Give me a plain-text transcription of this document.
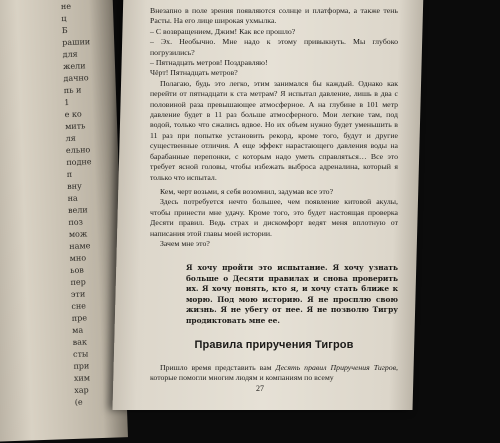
не
ц
Б
рашии
для
жели
дачно
пь и
1
е ко
мить
ля
ельно
подне
п
вну
на
вели
поз
мож
наме
мно
ьов
пер
эти
сне
пре
ма
вак
сты
при
хим
хар
(е

Внезапно в поле зрения появляются солнце и платформа, а также тень Расты. На его лице широкая ухмылка.

– С возвращением, Джим! Как все прошло?

– Эх. Необычно. Мне надо к этому привыкнуть. Мы глубоко погрузились?

– Пятнадцать метров! Поздравляю!

Чёрт! Пятнадцать метров?

Полагаю, будь это легко, этим занимался бы каждый. Однако как перейти от пятнадцати к ста метрам? Я испытал давление, лишь в два с половиной раза превышающее атмосферное. А на глубине в 101 метр давление будет в 11 раз больше атмосферного. Мои легкие там, под водой, только что сжались вдвое. Но их объем нужно будет уменьшить в 11 раз при попытке установить рекорд, кроме того, будут и другие существенные отличия. А еще эффект нарастающего давления воды на барабанные перепонки, с которым надо уметь справляться… Все это требует ясной головы, чтобы избежать выброса адреналина, который я только что испытал.

Кем, черт возьми, я себя возомнил, задумав все это?

Здесь потребуется нечто большее, чем появление китовой акулы, чтобы принести мне удачу. Кроме того, это будет настоящая проверка Десяти правил. Ведь страх и дискомфорт ведят меня вплотную от написания этой главы моей истории.

Зачем мне это?

Я хочу пройти это испытание. Я хочу узнать больше о Десяти правилах и снова проверить их. Я хочу понять, кто я, и хочу стать ближе к морю. Под мою историю. Я не просплю свою жизнь. Я не убегу от нее. Я не позволю Тигру продиктовать мне ее.
Правила приручения Тигров

Пришло время представить вам Десять правил Приручения Тигров, которые помогли многим людям и компаниям по всему

27
